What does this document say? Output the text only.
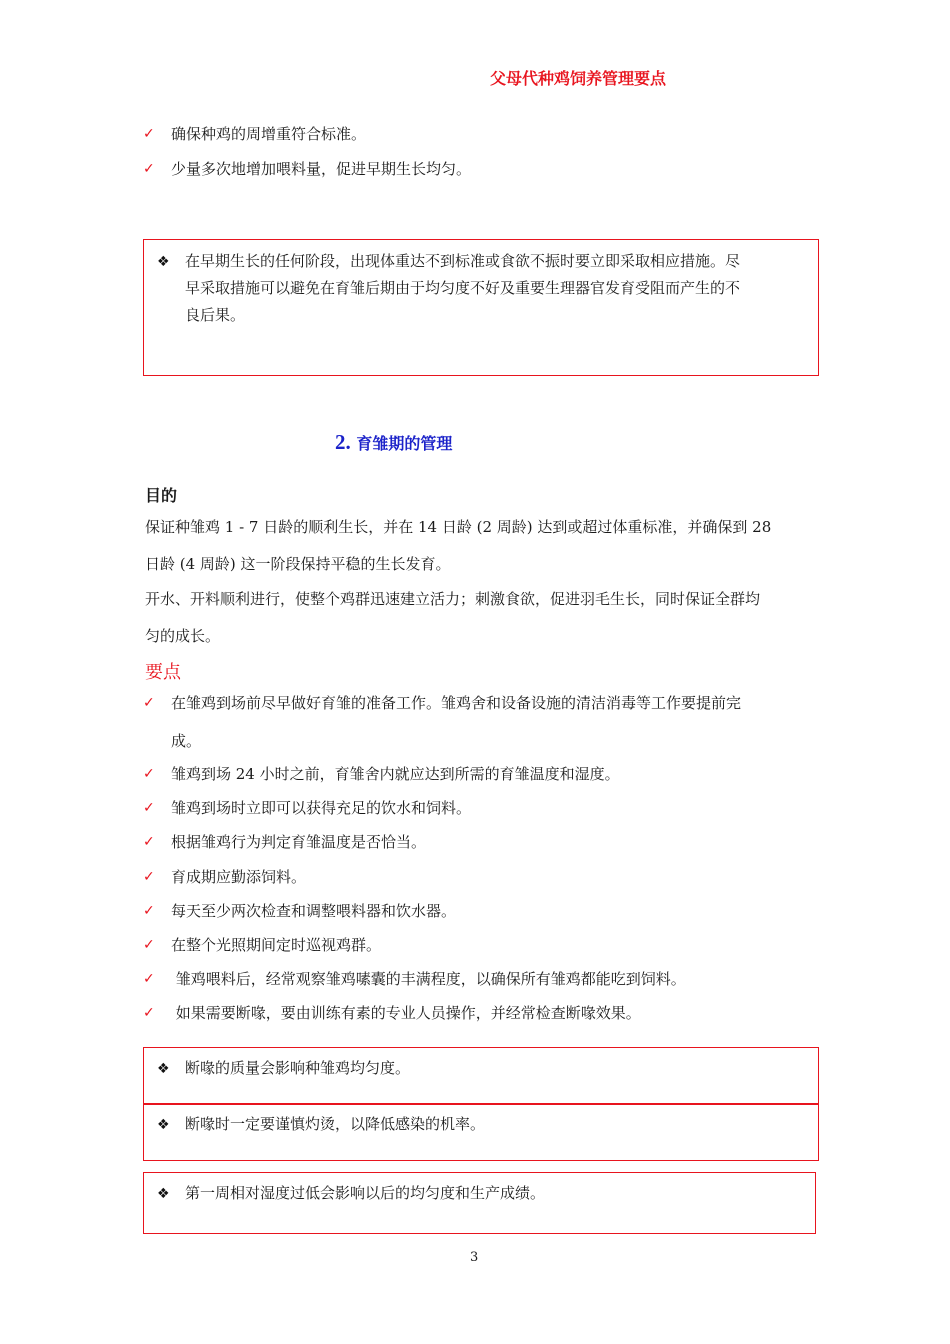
父母代种鸡饲养管理要点
✓	确保种鸡的周增重符合标准。
✓	少量多次地增加喂料量，促进早期生长均匀。
❖ 在早期生长的任何阶段，出现体重达不到标准或食欲不振时要立即采取相应措施。尽
早采取措施可以避免在育雏后期由于均匀度不好及重要生理器官发育受阻而产生的不
良后果。
2. 育雏期的管理
目的
保证种雏鸡 1 - 7 日龄的顺利生长，并在 14 日龄 (2 周龄) 达到或超过体重标准，并确保到 28
日龄 (4 周龄) 这一阶段保持平稳的生长发育。
开水、开料顺利进行，使整个鸡群迅速建立活力；刺激食欲，促进羽毛生长，同时保证全群均
匀的成长。
要点
✓	在雏鸡到场前尽早做好育雏的准备工作。雏鸡舍和设备设施的清洁消毒等工作要提前完
成。
✓	雏鸡到场 24 小时之前，育雏舍内就应达到所需的育雏温度和湿度。
✓	雏鸡到场时立即可以获得充足的饮水和饲料。
✓	根据雏鸡行为判定育雏温度是否恰当。
✓	育成期应勤添饲料。
✓	每天至少两次检查和调整喂料器和饮水器。
✓	在整个光照期间定时巡视鸡群。
✓	雏鸡喂料后，经常观察雏鸡嗉囊的丰满程度，以确保所有雏鸡都能吃到饲料。
✓	如果需要断喙，要由训练有素的专业人员操作，并经常检查断喙效果。
❖ 断喙的质量会影响种雏鸡均匀度。
❖ 断喙时一定要谨慎灼烫，以降低感染的机率。
❖ 第一周相对湿度过低会影响以后的均匀度和生产成绩。
3
